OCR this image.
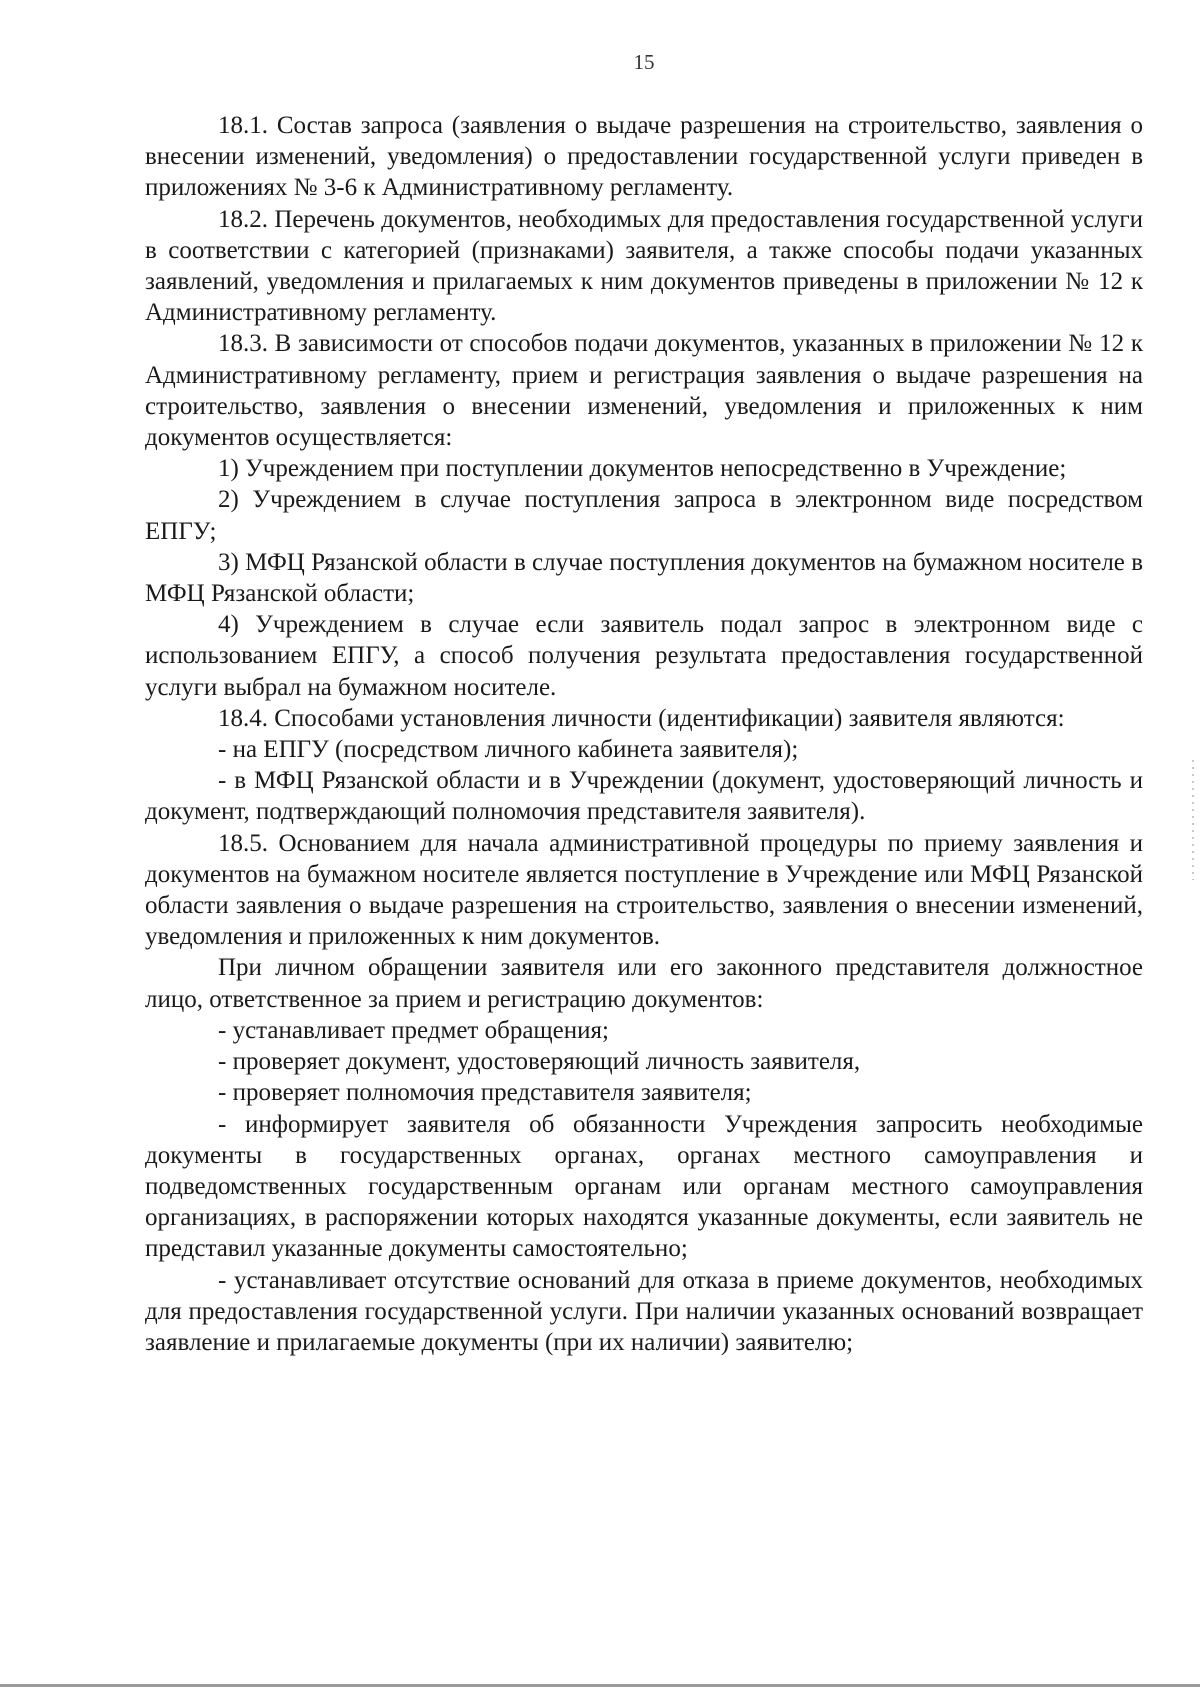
15

18.1. Состав запроса (заявления о выдаче разрешения на строительство, заявления о внесении изменений, уведомления) о предоставлении государственной услуги приведен в приложениях № 3-6 к Административному регламенту.

18.2. Перечень документов, необходимых для предоставления государственной услуги в соответствии с категорией (признаками) заявителя, а также способы подачи указанных заявлений, уведомления и прилагаемых к ним документов приведены в приложении № 12 к Административному регламенту.

18.3. В зависимости от способов подачи документов, указанных в приложении № 12 к Административному регламенту, прием и регистрация заявления о выдаче разрешения на строительство, заявления о внесении изменений, уведомления и приложенных к ним документов осуществляется:

1) Учреждением при поступлении документов непосредственно в Учреждение;

2) Учреждением в случае поступления запроса в электронном виде посредством ЕПГУ;

3) МФЦ Рязанской области в случае поступления документов на бумажном носителе в МФЦ Рязанской области;

4) Учреждением в случае если заявитель подал запрос в электронном виде с использованием ЕПГУ, а способ получения результата предоставления государственной услуги выбрал на бумажном носителе.

18.4. Способами установления личности (идентификации) заявителя являются:

- на ЕПГУ (посредством личного кабинета заявителя);

- в МФЦ Рязанской области и в Учреждении (документ, удостоверяющий личность и документ, подтверждающий полномочия представителя заявителя).

18.5. Основанием для начала административной процедуры по приему заявления и документов на бумажном носителе является поступление в Учреждение или МФЦ Рязанской области заявления о выдаче разрешения на строительство, заявления о внесении изменений, уведомления и приложенных к ним документов.

При личном обращении заявителя или его законного представителя должностное лицо, ответственное за прием и регистрацию документов:

- устанавливает предмет обращения;

- проверяет документ, удостоверяющий личность заявителя,

- проверяет полномочия представителя заявителя;

- информирует заявителя об обязанности Учреждения запросить необходимые документы в государственных органах, органах местного самоуправления и подведомственных государственным органам или органам местного самоуправления организациях, в распоряжении которых находятся указанные документы, если заявитель не представил указанные документы самостоятельно;

- устанавливает отсутствие оснований для отказа в приеме документов, необходимых для предоставления государственной услуги. При наличии указанных оснований возвращает заявление и прилагаемые документы (при их наличии) заявителю;
